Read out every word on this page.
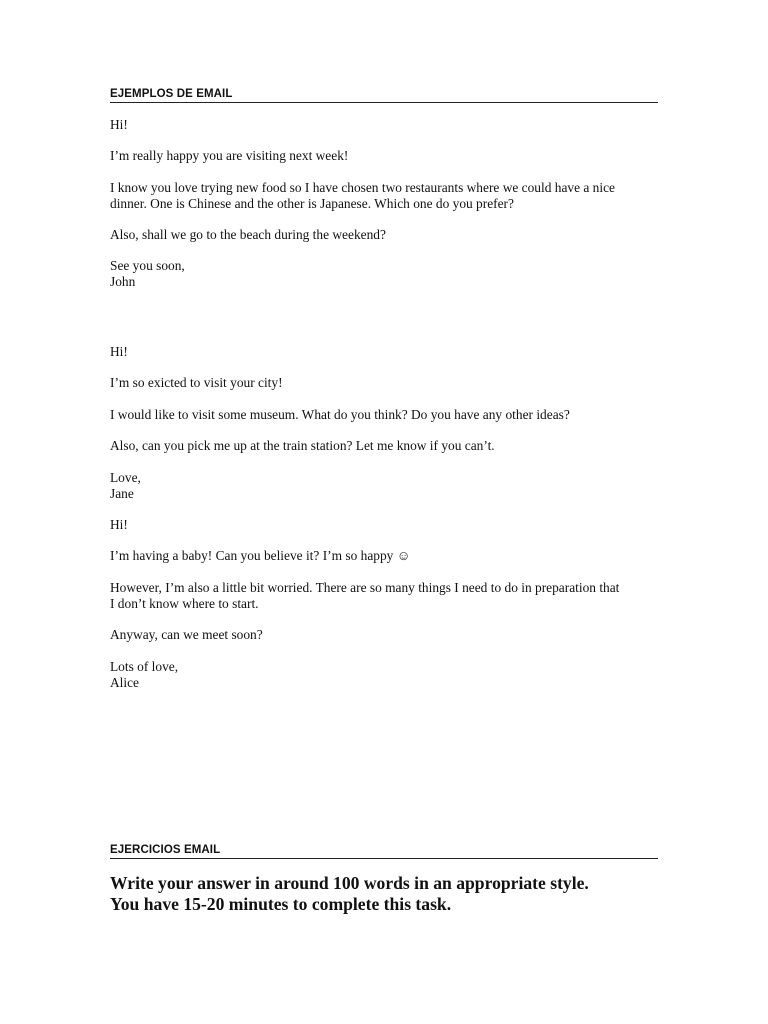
EJEMPLOS DE EMAIL
Hi!
I’m really happy you are visiting next week!
I know you love trying new food so I have chosen two restaurants where we could have a nice
dinner. One is Chinese and the other is Japanese. Which one do you prefer?
Also, shall we go to the beach during the weekend?
See you soon,
John
Hi!
I’m so exicted to visit your city!
I would like to visit some museum. What do you think? Do you have any other ideas?
Also, can you pick me up at the train station? Let me know if you can’t.
Love,
Jane
Hi!
I’m having a baby! Can you believe it? I’m so happy ☺
However, I’m also a little bit worried. There are so many things I need to do in preparation that
I don’t know where to start.
Anyway, can we meet soon?
Lots of love,
Alice
EJERCICIOS EMAIL
Write your answer in around 100 words in an appropriate style.
You have 15-20 minutes to complete this task.
